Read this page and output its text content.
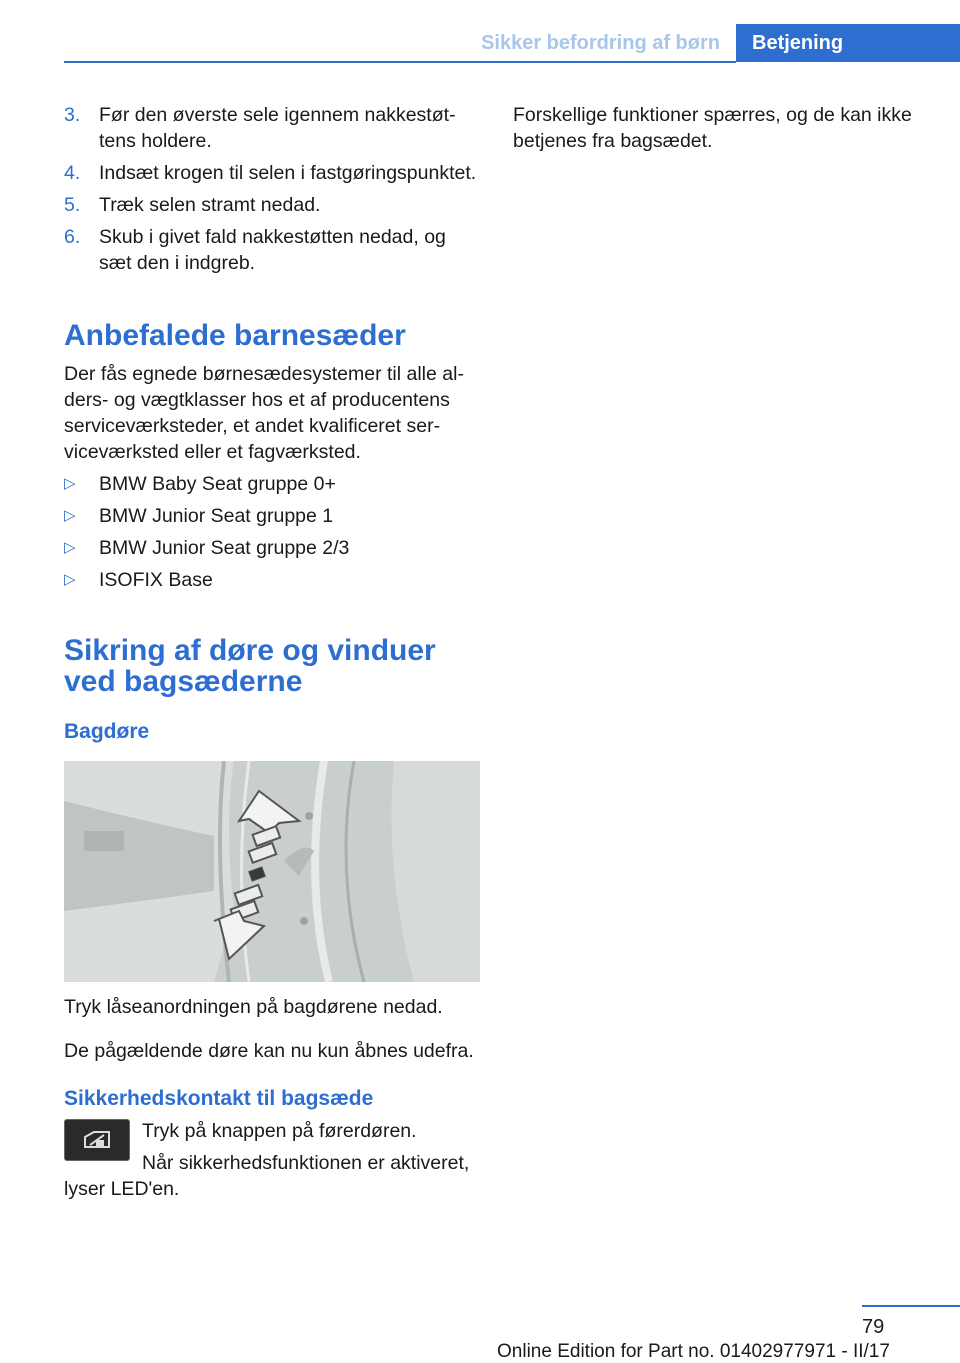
Sikker befordring af børn	Betjening
3. Før den øverste sele igennem nakkestøttens holdere.
4. Indsæt krogen til selen i fastgøringspunktet.
5. Træk selen stramt nedad.
6. Skub i givet fald nakkestøtten nedad, og sæt den i indgreb.
Anbefalede barnesæder

Der fås egnede børnesædesystemer til alle alders- og vægtklasser hos et af producentens serviceværksteder, et andet kvalificeret serviceværksted eller et fagværksted.

▷	BMW Baby Seat gruppe 0+
▷	BMW Junior Seat gruppe 1
▷	BMW Junior Seat gruppe 2/3
▷	ISOFIX Base
Sikring af døre og vinduer
ved bagsæderne
Bagdøre

Tryk låseanordningen på bagdørene nedad.

De pågældende døre kan nu kun åbnes udefra.

Sikkerhedskontakt til bagsæde

Tryk på knappen på førerdøren.

Når sikkerhedsfunktionen er aktiveret, lyser LED'en.

Forskellige funktioner spærres, og de kan ikke betjenes fra bagsædet.

79
Online Edition for Part no. 01402977971 - II/17
